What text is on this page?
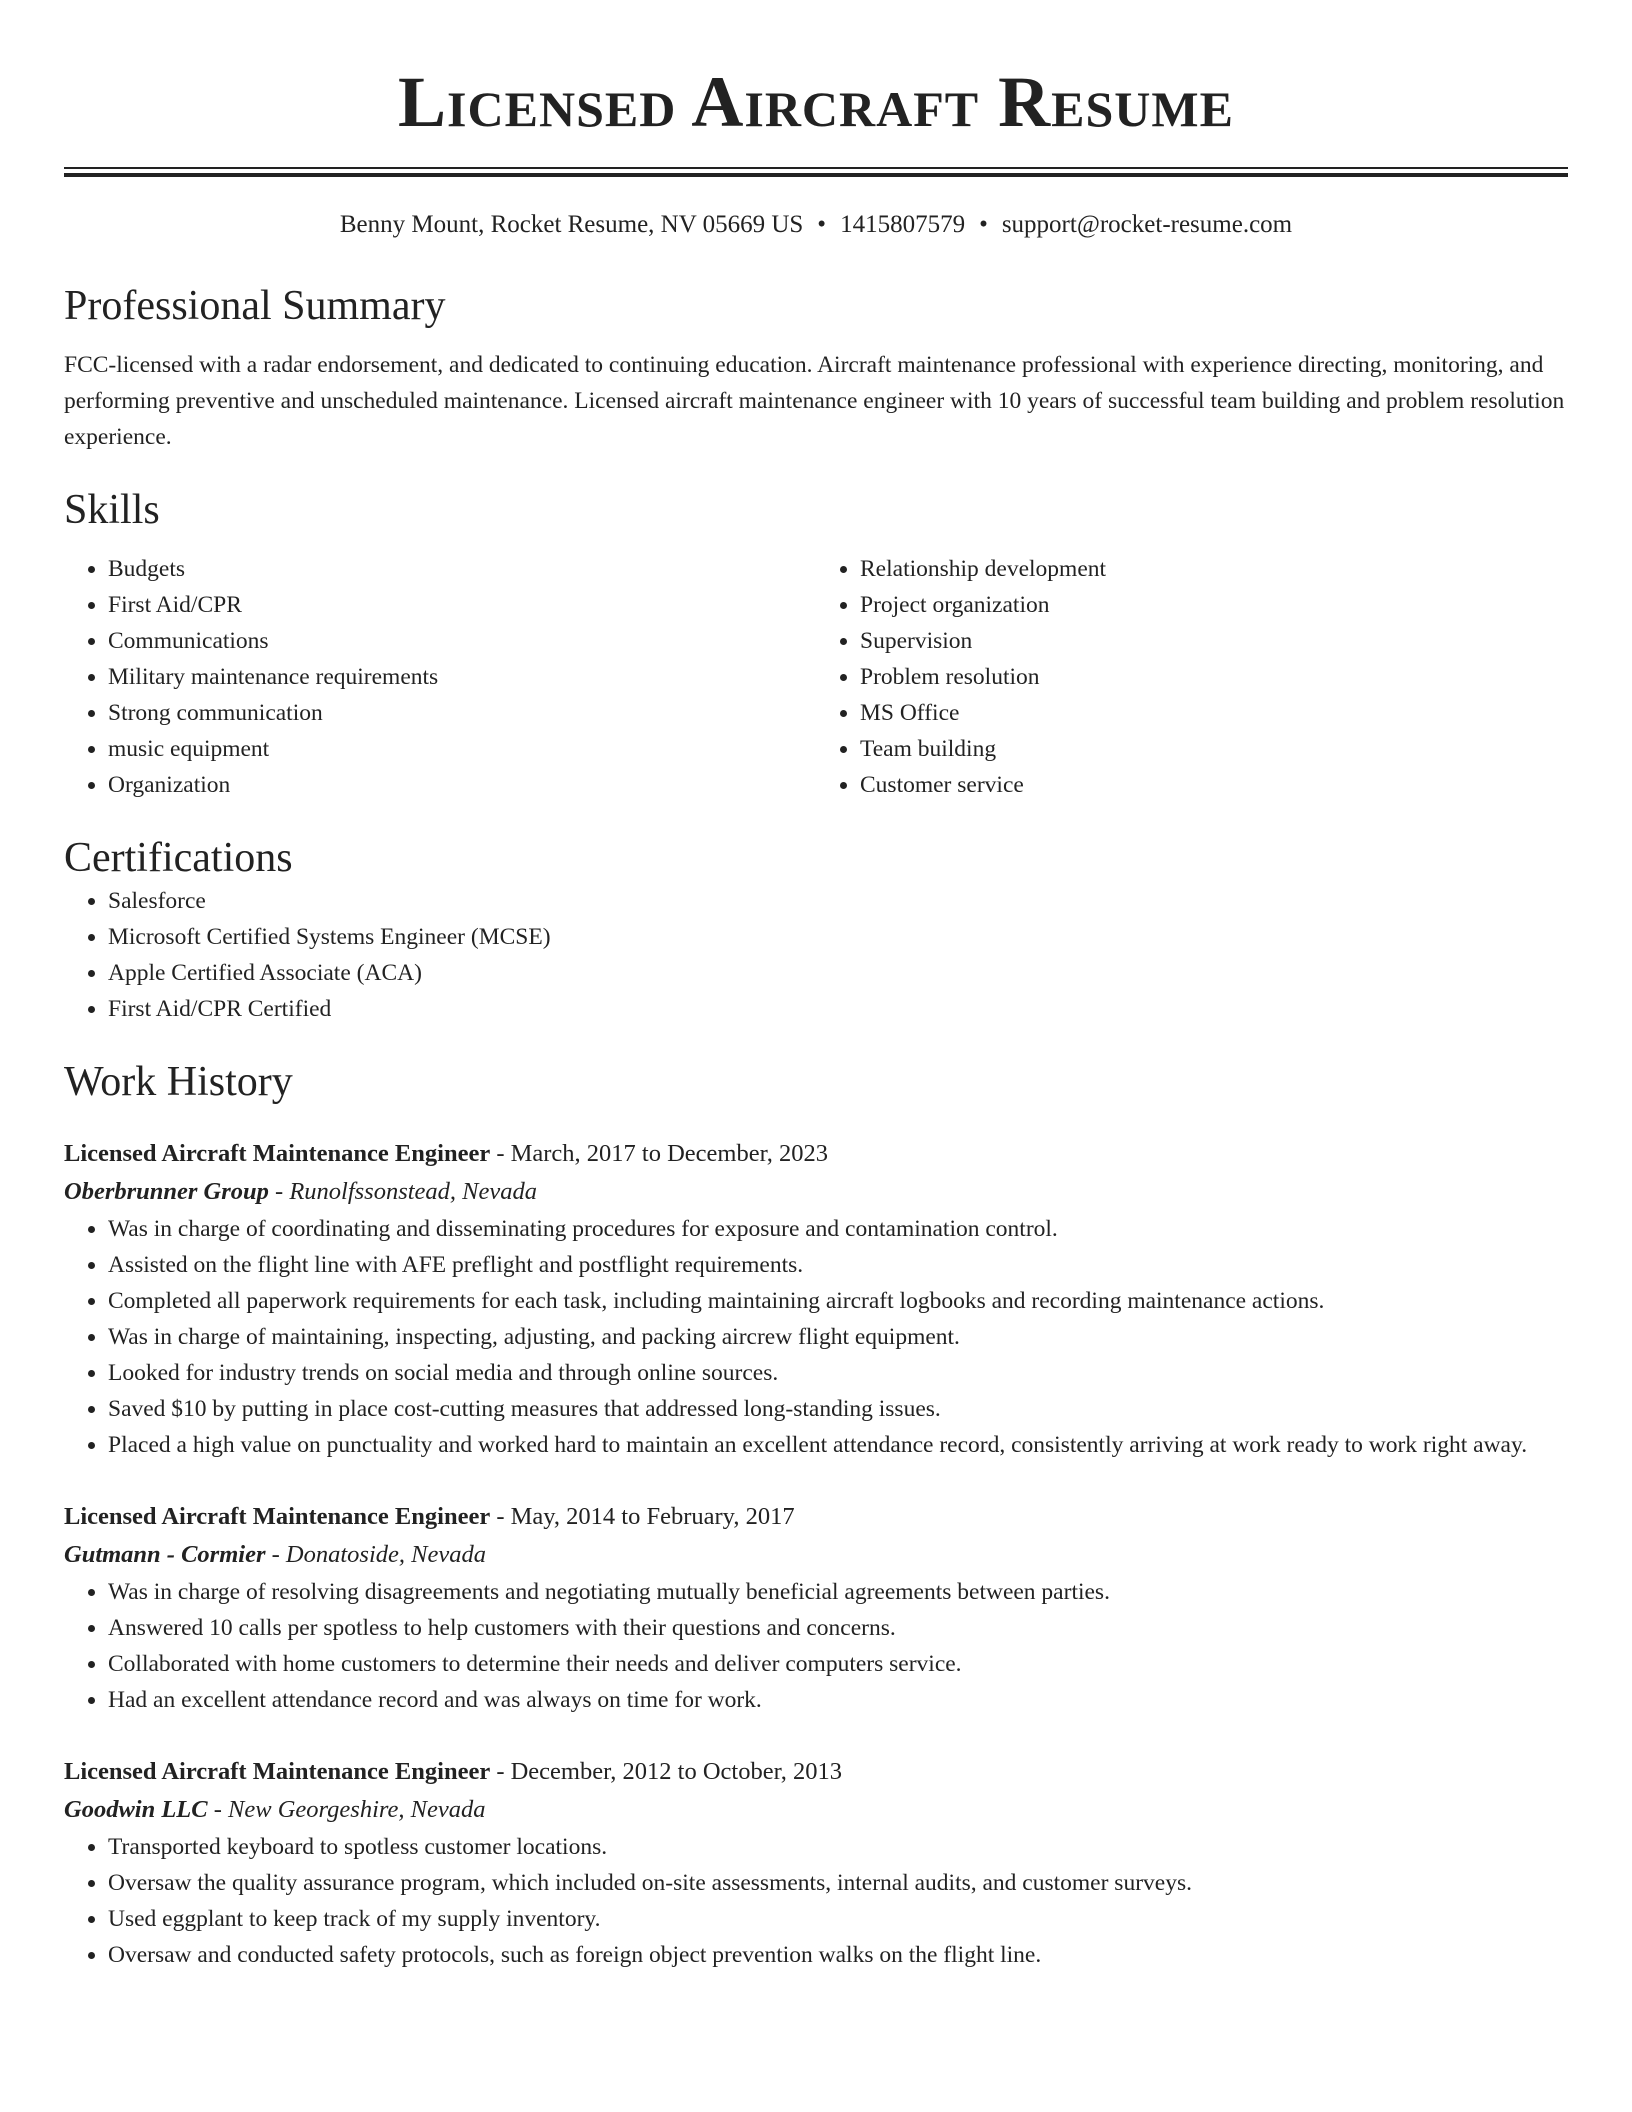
Licensed Aircraft Resume
Benny Mount, Rocket Resume, NV 05669 US • 1415807579 • support@rocket-resume.com
Professional Summary

FCC-licensed with a radar endorsement, and dedicated to continuing education. Aircraft maintenance professional with experience directing, monitoring, and performing preventive and unscheduled maintenance. Licensed aircraft maintenance engineer with 10 years of successful team building and problem resolution experience.

Skills
• Budgets
• First Aid/CPR
• Communications
• Military maintenance requirements
• Strong communication
• music equipment
• Organization
• Relationship development
• Project organization
• Supervision
• Problem resolution
• MS Office
• Team building
• Customer service
Certifications
• Salesforce
• Microsoft Certified Systems Engineer (MCSE)
• Apple Certified Associate (ACA)
• First Aid/CPR Certified
Work History
Licensed Aircraft Maintenance Engineer - March, 2017 to December, 2023
Oberbrunner Group - Runolfssonstead, Nevada
• Was in charge of coordinating and disseminating procedures for exposure and contamination control.
• Assisted on the flight line with AFE preflight and postflight requirements.
• Completed all paperwork requirements for each task, including maintaining aircraft logbooks and recording maintenance actions.
• Was in charge of maintaining, inspecting, adjusting, and packing aircrew flight equipment.
• Looked for industry trends on social media and through online sources.
• Saved $10 by putting in place cost-cutting measures that addressed long-standing issues.
• Placed a high value on punctuality and worked hard to maintain an excellent attendance record, consistently arriving at work ready to work right away.
Licensed Aircraft Maintenance Engineer - May, 2014 to February, 2017
Gutmann - Cormier - Donatoside, Nevada
• Was in charge of resolving disagreements and negotiating mutually beneficial agreements between parties.
• Answered 10 calls per spotless to help customers with their questions and concerns.
• Collaborated with home customers to determine their needs and deliver computers service.
• Had an excellent attendance record and was always on time for work.
Licensed Aircraft Maintenance Engineer - December, 2012 to October, 2013
Goodwin LLC - New Georgeshire, Nevada
• Transported keyboard to spotless customer locations.
• Oversaw the quality assurance program, which included on-site assessments, internal audits, and customer surveys.
• Used eggplant to keep track of my supply inventory.
• Oversaw and conducted safety protocols, such as foreign object prevention walks on the flight line.
